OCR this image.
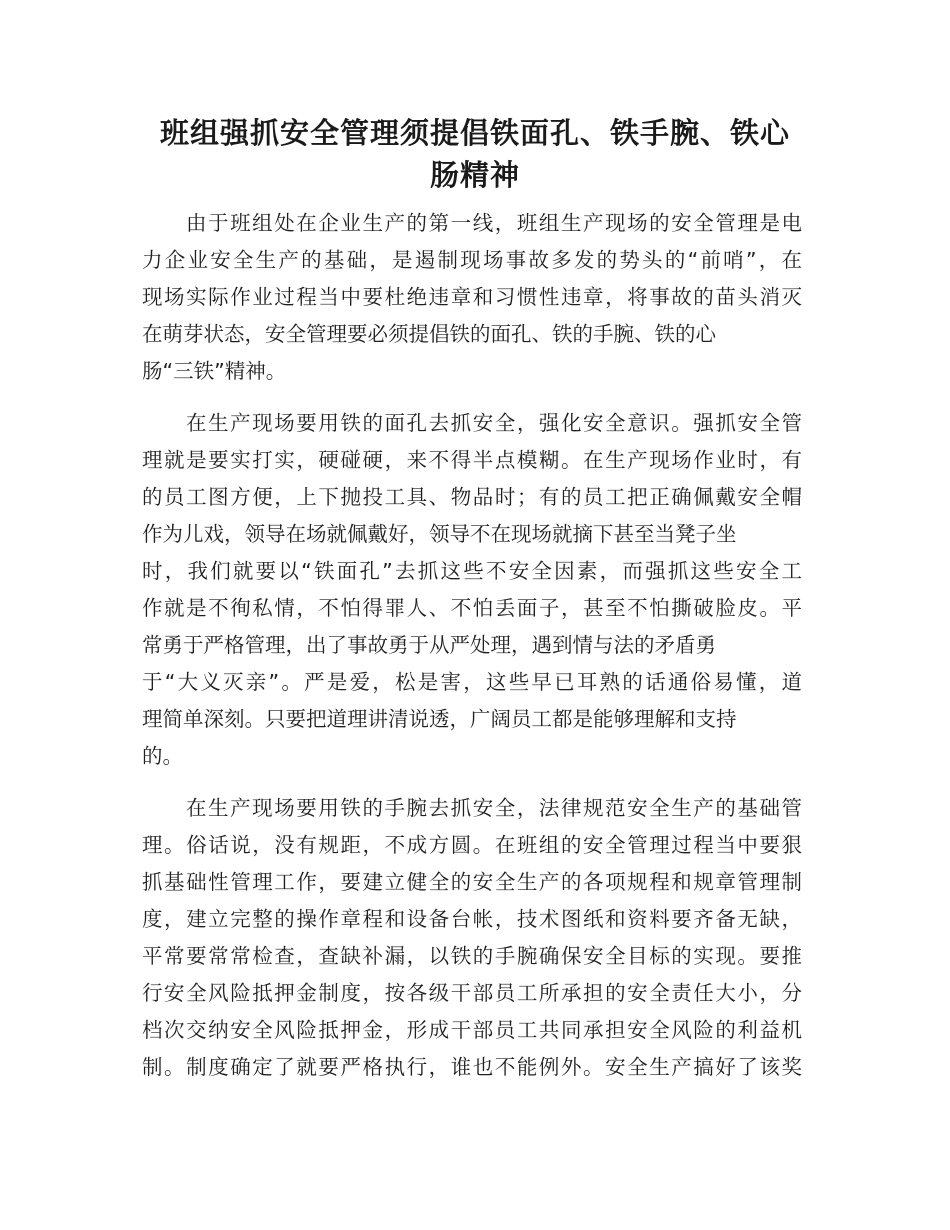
班组强抓安全管理须提倡铁面孔、铁手腕、铁心
肠精神
由于班组处在企业生产的第一线，班组生产现场的安全管理是电
力企业安全生产的基础，是遏制现场事故多发的势头的“前哨”，在
现场实际作业过程当中要杜绝违章和习惯性违章，将事故的苗头消灭
在萌芽状态，安全管理要必须提倡铁的面孔、铁的手腕、铁的心
肠“三铁”精神。
在生产现场要用铁的面孔去抓安全，强化安全意识。强抓安全管
理就是要实打实，硬碰硬，来不得半点模糊。在生产现场作业时，有
的员工图方便，上下抛投工具、物品时；有的员工把正确佩戴安全帽
作为儿戏，领导在场就佩戴好，领导不在现场就摘下甚至当凳子坐
时，我们就要以“铁面孔”去抓这些不安全因素，而强抓这些安全工
作就是不徇私情，不怕得罪人、不怕丢面子，甚至不怕撕破脸皮。平
常勇于严格管理，出了事故勇于从严处理，遇到情与法的矛盾勇
于“大义灭亲”。严是爱，松是害，这些早已耳熟的话通俗易懂，道
理简单深刻。只要把道理讲清说透，广阔员工都是能够理解和支持
的。
在生产现场要用铁的手腕去抓安全，法律规范安全生产的基础管
理。俗话说，没有规距，不成方圆。在班组的安全管理过程当中要狠
抓基础性管理工作，要建立健全的安全生产的各项规程和规章管理制
度，建立完整的操作章程和设备台帐，技术图纸和资料要齐备无缺，
平常要常常检查，查缺补漏，以铁的手腕确保安全目标的实现。要推
行安全风险抵押金制度，按各级干部员工所承担的安全责任大小，分
档次交纳安全风险抵押金，形成干部员工共同承担安全风险的利益机
制。制度确定了就要严格执行，谁也不能例外。安全生产搞好了该奖
